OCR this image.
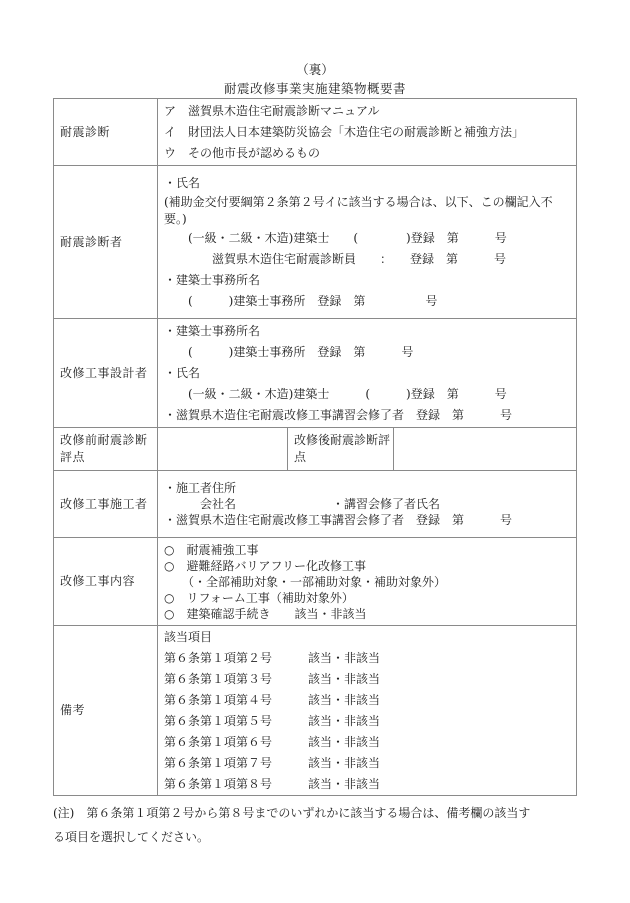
（裏）
耐震改修事業実施建築物概要書
耐震診断	ア　滋賀県木造住宅耐震診断マニュアル
イ　財団法人日本建築防災協会「木造住宅の耐震診断と補強方法」
ウ　その他市長が認めるもの		

耐震診断者	
・氏名
(補助金交付要綱第２条第２号イに該当する場合は、以下、この欄記入不要。)
　　(一級・二級・木造)建築士　　(　　　　)登録　第　　　号
　　　　滋賀県木造住宅耐震診断員　　：　　登録　第　　　号
・建築士事務所名
　　(　　　)建築士事務所　登録　第　　　　　号

改修工事設計者	・建築士事務所名
　　(　　　)建築士事務所　登録　第　　　号
・氏名
　　(一級・二級・木造)建築士　　　(　　　)登録　第　　　号
・滋賀県木造住宅耐震改修工事講習会修了者　登録　第　　　号		

改修前耐震診断評点		改修後耐震診断評点	
改修工事施工者	・施工者住所
　　　会社名　　　　　　　　・講習会修了者氏名
・滋賀県木造住宅耐震改修工事講習会修了者　登録　第　　　号		

改修工事内容	○　耐震補強工事
○　避難経路バリアフリー化改修工事
　　（・全部補助対象・一部補助対象・補助対象外）
○　リフォーム工事（補助対象外）
○　建築確認手続き　　該当・非該当		

備考	
該当項目
第６条第１項第２号　　　	該当・非該当
第６条第１項第３号　　　	該当・非該当
第６条第１項第４号　　　	該当・非該当
第６条第１項第５号　　　	該当・非該当
第６条第１項第６号　　　	該当・非該当
第６条第１項第７号　　　	該当・非該当
第６条第１項第８号　　　	該当・非該当
(注)　第６条第１項第２号から第８号までのいずれかに該当する場合は、備考欄の該当す
る項目を選択してください。
